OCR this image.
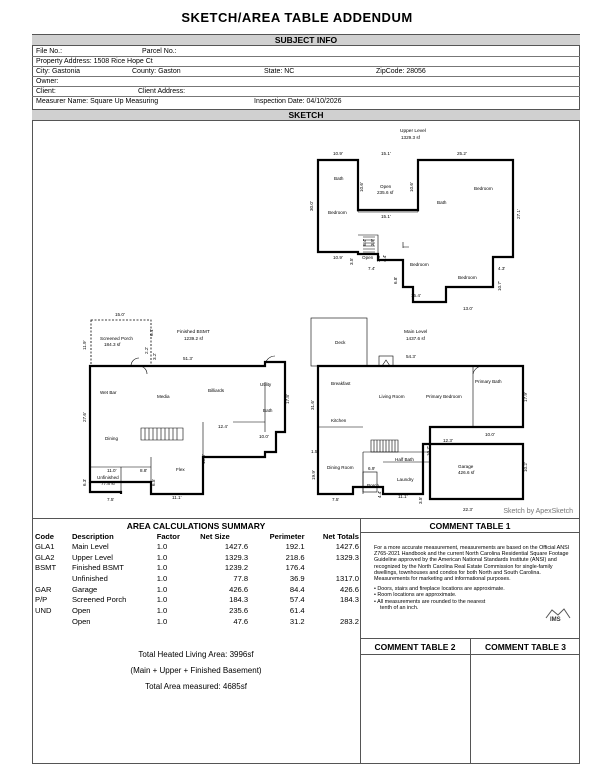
SKETCH/AREA TABLE ADDENDUM
SUBJECT INFO
File No.:	Parcel No.:
Property Address: 1508 Rice Hope Ct
City: Gastonia	County: Gaston	State: NC	ZipCode: 28056
Owner:
Client:	Client Address:
Measurer Name: Square Up Measuring	Inspection Date: 04/10/2026
SKETCH
Upper Level
1329.3 sf
10.9'	15.1'	25.2'
30.0'
10.6'	10.6'
15.1'	27.1'
10.9'
3.5'
7.4'	4.3'
6.8'
10.7'
15.4'
13.0'
6.4' 3.9'
3.6' 4.4'
Bath
Bedroom
Open
235.6 sf
Bath
Bedroom
Bedroom
Bedroom
Open
Finished BSMT
1239.2 sf
Screened Porch
184.3 sf
15.0'
11.9'
6.1'
3.2'
2.2'
51.3'
27.6'
17.8'
12.4'
10.0'
10.8'
11.0'	8.8'
6.3'	6.5'
7.5'	11.1'
Wet Bar
Media
Billiards
Utility
Bath
Dining
Flex
Unfinished
77.8 sf
Main Level
1437.6 sf
Deck
Garage
426.6 sf
Porch
54.3'
31.6'
17.9'
12.3'
10.0'
1.5'
19.9'
10.7'
6.9'	10.2'
7.5'
11.1'
3.5'
22.3'
4.4'
Breakfast
Living Room	Primary Bedroom
Primary Bath
Kitchen
Dining Room
Half Bath
Laundry
Sketch by ApexSketch
AREA CALCULATIONS SUMMARY
Code	Description	Factor	Net Size	Perimeter	Net Totals
GLA1	Main Level	1.0	1427.6	192.1	1427.6
GLA2	Upper Level	1.0	1329.3	218.6	1329.3
BSMT	Finished BSMT	1.0	1239.2	176.4	
	Unfinished	1.0	77.8	36.9	1317.0
GAR	Garage	1.0	426.6	84.4	426.6
P/P	Screened Porch	1.0	184.3	57.4	184.3
UND	Open	1.0	235.6	61.4	
	Open	1.0	47.6	31.2	283.2
Total Heated Living Area: 3996sf
(Main + Upper + Finished Basement)
Total Area measured: 4685sf
COMMENT TABLE 1

For a more accurate measurement, measurements are based on the Official ANSI Z765-2021 Handbook and the current North Carolina Residential Square Footage Guideline approved by the American National Standards Institute (ANSI) and recognized by the North Carolina Real Estate Commission for single-family dwellings, townhouses and condos for both North and South Carolina. Measurements for marketing and informational purposes.

• Doors, stairs and fireplace locations are approximate.
• Room locations are approximate.
• All measurements are rounded to the nearest
tenth of an inch.
IMS
COMMENT TABLE 2	COMMENT TABLE 3
